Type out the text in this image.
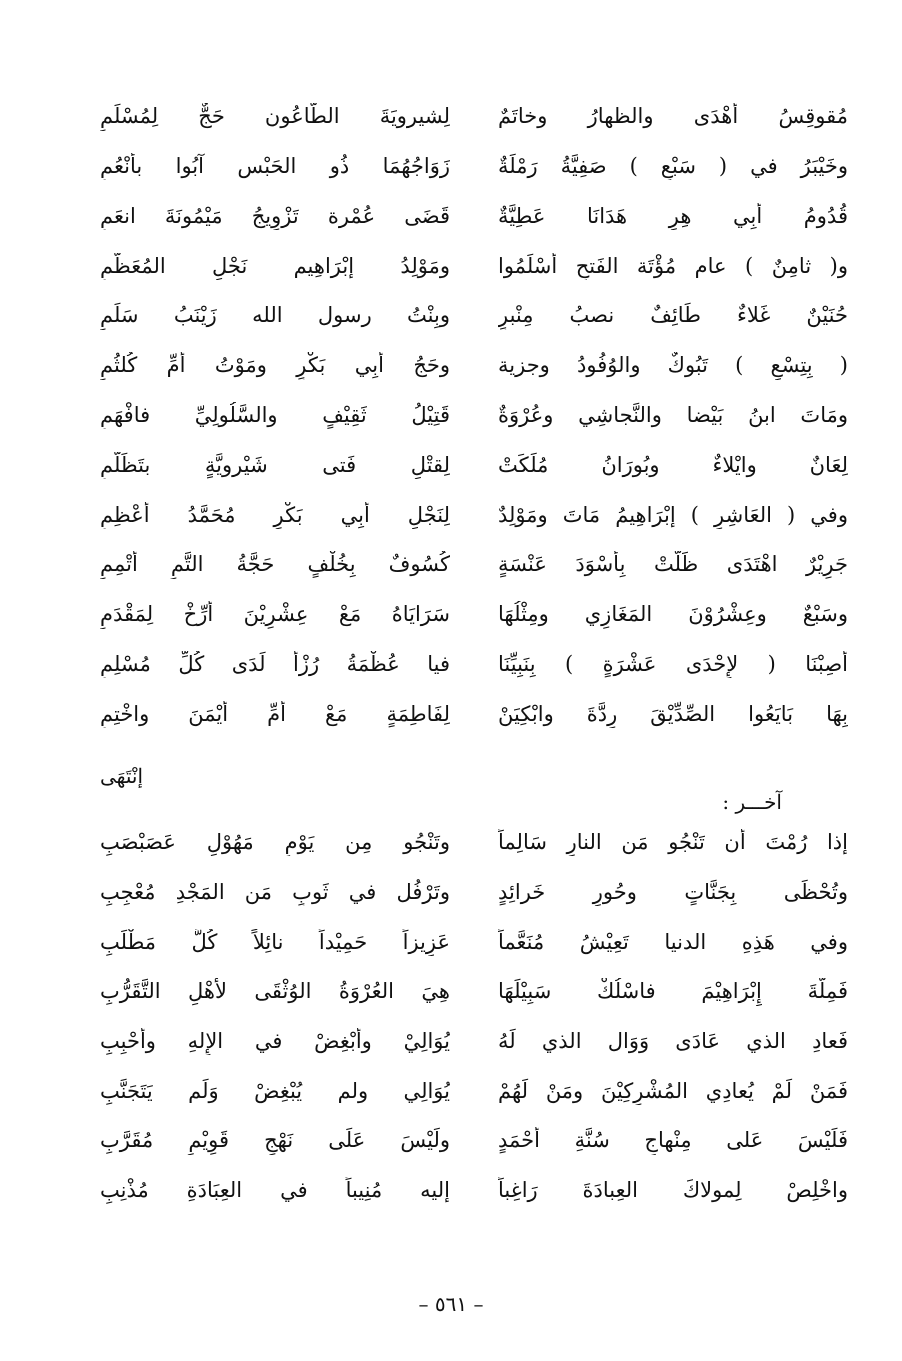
مُقوقِسُ أَهْدَى والظهارُ وخاتَمٌ
لِشيرويَةَ الطّاعُون حَجٌّ لِمُسْلَمِ
وخَيْبَرُ في ( سَبْعٍ ) صَفِيَّةُ رَمْلَةٌ
زَوَاجُهُمَا ذُو الحَبْس آبُوا بأَنْعُمِ
قُدُومُ أَبِي هِرٍ هَدَانَا عَطِيَّةٌ
قَضَى عُمْرة تَزْوِيجُ مَيْمُونَةَ انعَمِ
و( ثامِنٌ ) عام مُؤْتَة الفَتحِ أَسْلَمُوا
ومَوْلِدُ إبْرَاهِيم نَجْلِ المُعَظَّمِ
حُنَيْنٌ غَلاءٌ طَائِفٌ نصبُ مِنْبرٍ
وبِنْتُ رسول الله زَيْنَبُ سَلِّمِ
( بِتِسْعٍ ) تَبُوكٌ والوُفُودُ وجزية
وحَجُ أَبِي بَكْرٍ ومَوْتُ أُمِّ كُلثُمِ
ومَاتَ ابنُ بَيْضا والنَّجاشِي وعُرْوَةٌ
قَتِيْلُ ثَقِيْفٍ والسَّلُولِيِّ فافْهَمِ
لِعَانٌ وايْلاءٌ وبُورَانُ مُلِّكَتْ
لِقتْلِ فَتى شَيْرويَّةٍ بتَظَلُّمِ
وفي ( العَاشِرِ ) إبْرَاهِيمُ مَاتَ ومَوْلِدٌ
لِنَجْلِ أَبِي بَكْرٍ مُحَمَّدُ أَعْظِمِ
جَرِيْرٌ اهْتَدَى ظَلَّتْ بِأَسْوَدَ عَنْسَةٍ
كُسُوفٌ بِخُلْفٍ حَجَّةُ التَّمِ أَتْمِمِ
وسَبْعٌ وعِشْرُوْنَ المَغَازِي ومِثْلُهَا
سَرَايَاهُ مَعْ عِشْرِيْنَ أَرِّخْ لِمَقْدَمِ
أُصِبْنَا ( لإِحْدَى عَشْرَةٍ ) بِنَبِيِّنَا
فيا عُظْمَةُ رُزْأً لَدَى كُلِّ مُسْلِمِ
بِهَا بَايَعُوا الصِّدِّيْقَ رِدَّةَ وابْكِيَنْ
لِفَاطِمَةٍ مَعْ أُمِّ أَيْمَنَ واخْتِمِ
إنْتَهَى
آخـــر :
إذ‌ا رُمْتَ أن تَنْجُو مَن النارِ سَالِماً
وتَنْجُو مِن يَوْمٍ مَهُوْلٍ عَصَبْصَبِ
وتُحْظَى بِجَنَّاتٍ وحُورٍ خَرائِدٍ
وتَرْفُل في ثَوبٍ مَن المَجْدِ مُعْجِبِ
وفي هَذِهِ الدنيا تَعِيْشُ مُنَعَّماً
عَزِيزاً حَمِيْداً نائِلاً كُلَّ مَطْلَبِ
فَمِلَّةَ إِبْرَاهِيْمَ فاسْلُكْ سَبِيْلَهَا
هِيَ العُرْوَةُ الوُثْقَى لأَهْلِ التَّقَرُّبِ
فَعادِ الذي عَادَى وَوَال الذي لَهُ
يُوَالِيْ وأَبْغِضْ في الإِلهِ وأَحْبِبِ
فَمَنْ لَمْ يُعادِي المُشْرِكِيْنَ ومَنْ لَهُمْ
يُوَالِي ولم يُبْغِضْ وَلَم يَتَجَنَّبِ
فَلَيْسَ عَلى مِنْهاجِ سُنَّةِ أَحْمَدٍ
ولَيْسَ عَلَى نَهْجٍ قَوِيْمٍ مُقَرَّبِ
واخْلِصْ لِمولاكَ العِبادَةَ رَاغِباً
إليه مُنِيباً في العِبَادَةِ مُذْنِبِ
– ٥٦١ –
